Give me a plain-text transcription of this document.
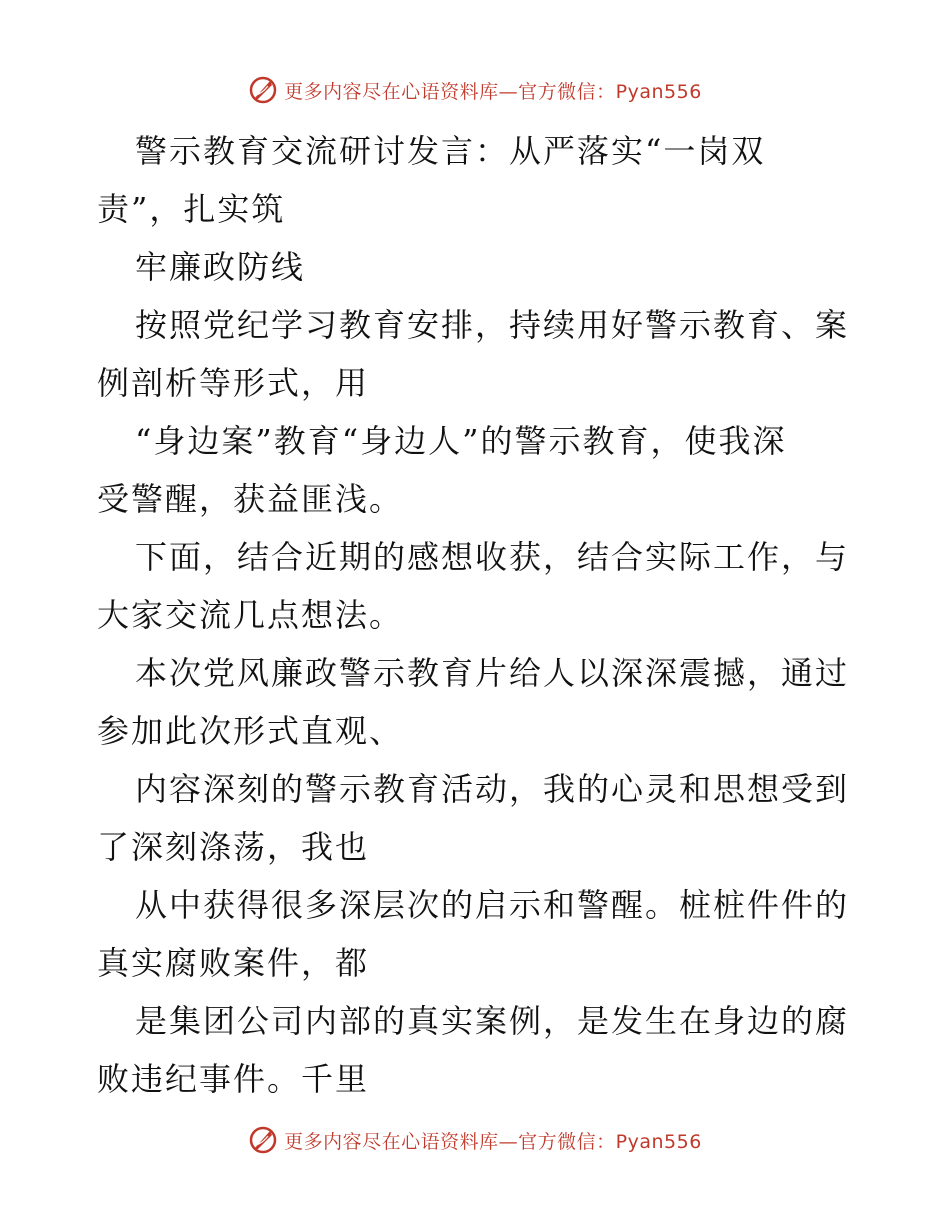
更多内容尽在心语资料库—官方微信：Pyan556
警示教育交流研讨发言：从严落实“一岗双
责”，扎实筑
牢廉政防线
按照党纪学习教育安排，持续用好警示教育、案
例剖析等形式，用
“身边案”教育“身边人”的警示教育，使我深
受警醒，获益匪浅。
下面，结合近期的感想收获，结合实际工作，与
大家交流几点想法。
本次党风廉政警示教育片给人以深深震撼，通过
参加此次形式直观、
内容深刻的警示教育活动，我的心灵和思想受到
了深刻涤荡，我也
从中获得很多深层次的启示和警醒。桩桩件件的
真实腐败案件，都
是集团公司内部的真实案例，是发生在身边的腐
败违纪事件。千里
更多内容尽在心语资料库—官方微信：Pyan556
